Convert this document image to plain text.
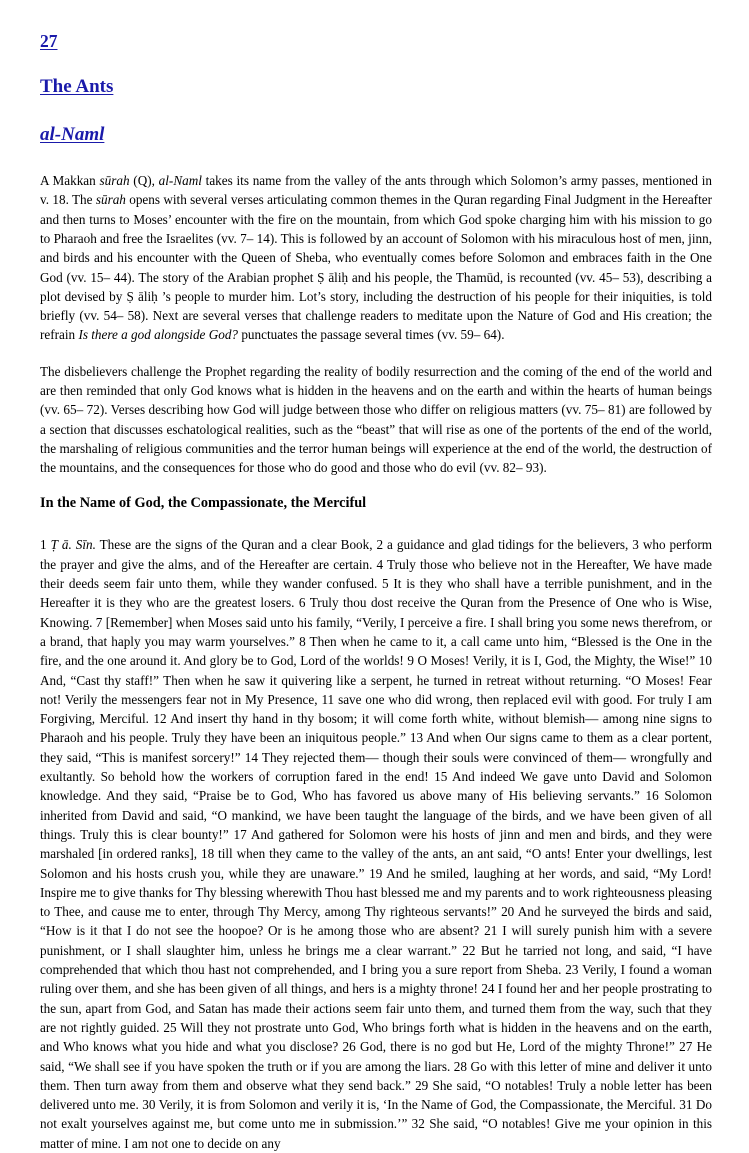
27
The Ants
al-Naml

A Makkan sūrah (Q), al-Naml takes its name from the valley of the ants through which Solomon’s army passes, mentioned in v. 18. The sūrah opens with several verses articulating common themes in the Quran regarding Final Judgment in the Hereafter and then turns to Moses’ encounter with the fire on the mountain, from which God spoke charging him with his mission to go to Pharaoh and free the Israelites (vv. 7– 14). This is followed by an account of Solomon with his miraculous host of men, jinn, and birds and his encounter with the Queen of Sheba, who eventually comes before Solomon and embraces faith in the One God (vv. 15– 44). The story of the Arabian prophet Ṣ āliḥ and his people, the Thamūd, is recounted (vv. 45– 53), describing a plot devised by Ṣ āliḥ ’s people to murder him. Lot’s story, including the destruction of his people for their iniquities, is told briefly (vv. 54– 58). Next are several verses that challenge readers to meditate upon the Nature of God and His creation; the refrain Is there a god alongside God? punctuates the passage several times (vv. 59– 64).

The disbelievers challenge the Prophet regarding the reality of bodily resurrection and the coming of the end of the world and are then reminded that only God knows what is hidden in the heavens and on the earth and within the hearts of human beings (vv. 65– 72). Verses describing how God will judge between those who differ on religious matters (vv. 75– 81) are followed by a section that discusses eschatological realities, such as the “beast” that will rise as one of the portents of the end of the world, the marshaling of religious communities and the terror human beings will experience at the end of the world, the destruction of the mountains, and the consequences for those who do good and those who do evil (vv. 82– 93).

In the Name of God, the Compassionate, the Merciful

1 Ṭ ā. Sīn. These are the signs of the Quran and a clear Book, 2 a guidance and glad tidings for the believers, 3 who perform the prayer and give the alms, and of the Hereafter are certain. 4 Truly those who believe not in the Hereafter, We have made their deeds seem fair unto them, while they wander confused. 5 It is they who shall have a terrible punishment, and in the Hereafter it is they who are the greatest losers. 6 Truly thou dost receive the Quran from the Presence of One who is Wise, Knowing. 7 [Remember] when Moses said unto his family, “Verily, I perceive a fire. I shall bring you some news therefrom, or a brand, that haply you may warm yourselves.” 8 Then when he came to it, a call came unto him, “Blessed is the One in the fire, and the one around it. And glory be to God, Lord of the worlds! 9 O Moses! Verily, it is I, God, the Mighty, the Wise!” 10 And, “Cast thy staff!” Then when he saw it quivering like a serpent, he turned in retreat without returning. “O Moses! Fear not! Verily the messengers fear not in My Presence, 11 save one who did wrong, then replaced evil with good. For truly I am Forgiving, Merciful. 12 And insert thy hand in thy bosom; it will come forth white, without blemish— among nine signs to Pharaoh and his people. Truly they have been an iniquitous people.” 13 And when Our signs came to them as a clear portent, they said, “This is manifest sorcery!” 14 They rejected them— though their souls were convinced of them— wrongfully and exultantly. So behold how the workers of corruption fared in the end! 15 And indeed We gave unto David and Solomon knowledge. And they said, “Praise be to God, Who has favored us above many of His believing servants.” 16 Solomon inherited from David and said, “O mankind, we have been taught the language of the birds, and we have been given of all things. Truly this is clear bounty!” 17 And gathered for Solomon were his hosts of jinn and men and birds, and they were marshaled [in ordered ranks], 18 till when they came to the valley of the ants, an ant said, “O ants! Enter your dwellings, lest Solomon and his hosts crush you, while they are unaware.” 19 And he smiled, laughing at her words, and said, “My Lord! Inspire me to give thanks for Thy blessing wherewith Thou hast blessed me and my parents and to work righteousness pleasing to Thee, and cause me to enter, through Thy Mercy, among Thy righteous servants!” 20 And he surveyed the birds and said, “How is it that I do not see the hoopoe? Or is he among those who are absent? 21 I will surely punish him with a severe punishment, or I shall slaughter him, unless he brings me a clear warrant.” 22 But he tarried not long, and said, “I have comprehended that which thou hast not comprehended, and I bring you a sure report from Sheba. 23 Verily, I found a woman ruling over them, and she has been given of all things, and hers is a mighty throne! 24 I found her and her people prostrating to the sun, apart from God, and Satan has made their actions seem fair unto them, and turned them from the way, such that they are not rightly guided. 25 Will they not prostrate unto God, Who brings forth what is hidden in the heavens and on the earth, and Who knows what you hide and what you disclose? 26 God, there is no god but He, Lord of the mighty Throne!” 27 He said, “We shall see if you have spoken the truth or if you are among the liars. 28 Go with this letter of mine and deliver it unto them. Then turn away from them and observe what they send back.” 29 She said, “O notables! Truly a noble letter has been delivered unto me. 30 Verily, it is from Solomon and verily it is, ‘In the Name of God, the Compassionate, the Merciful. 31 Do not exalt yourselves against me, but come unto me in submission.’” 32 She said, “O notables! Give me your opinion in this matter of mine. I am not one to decide on any
